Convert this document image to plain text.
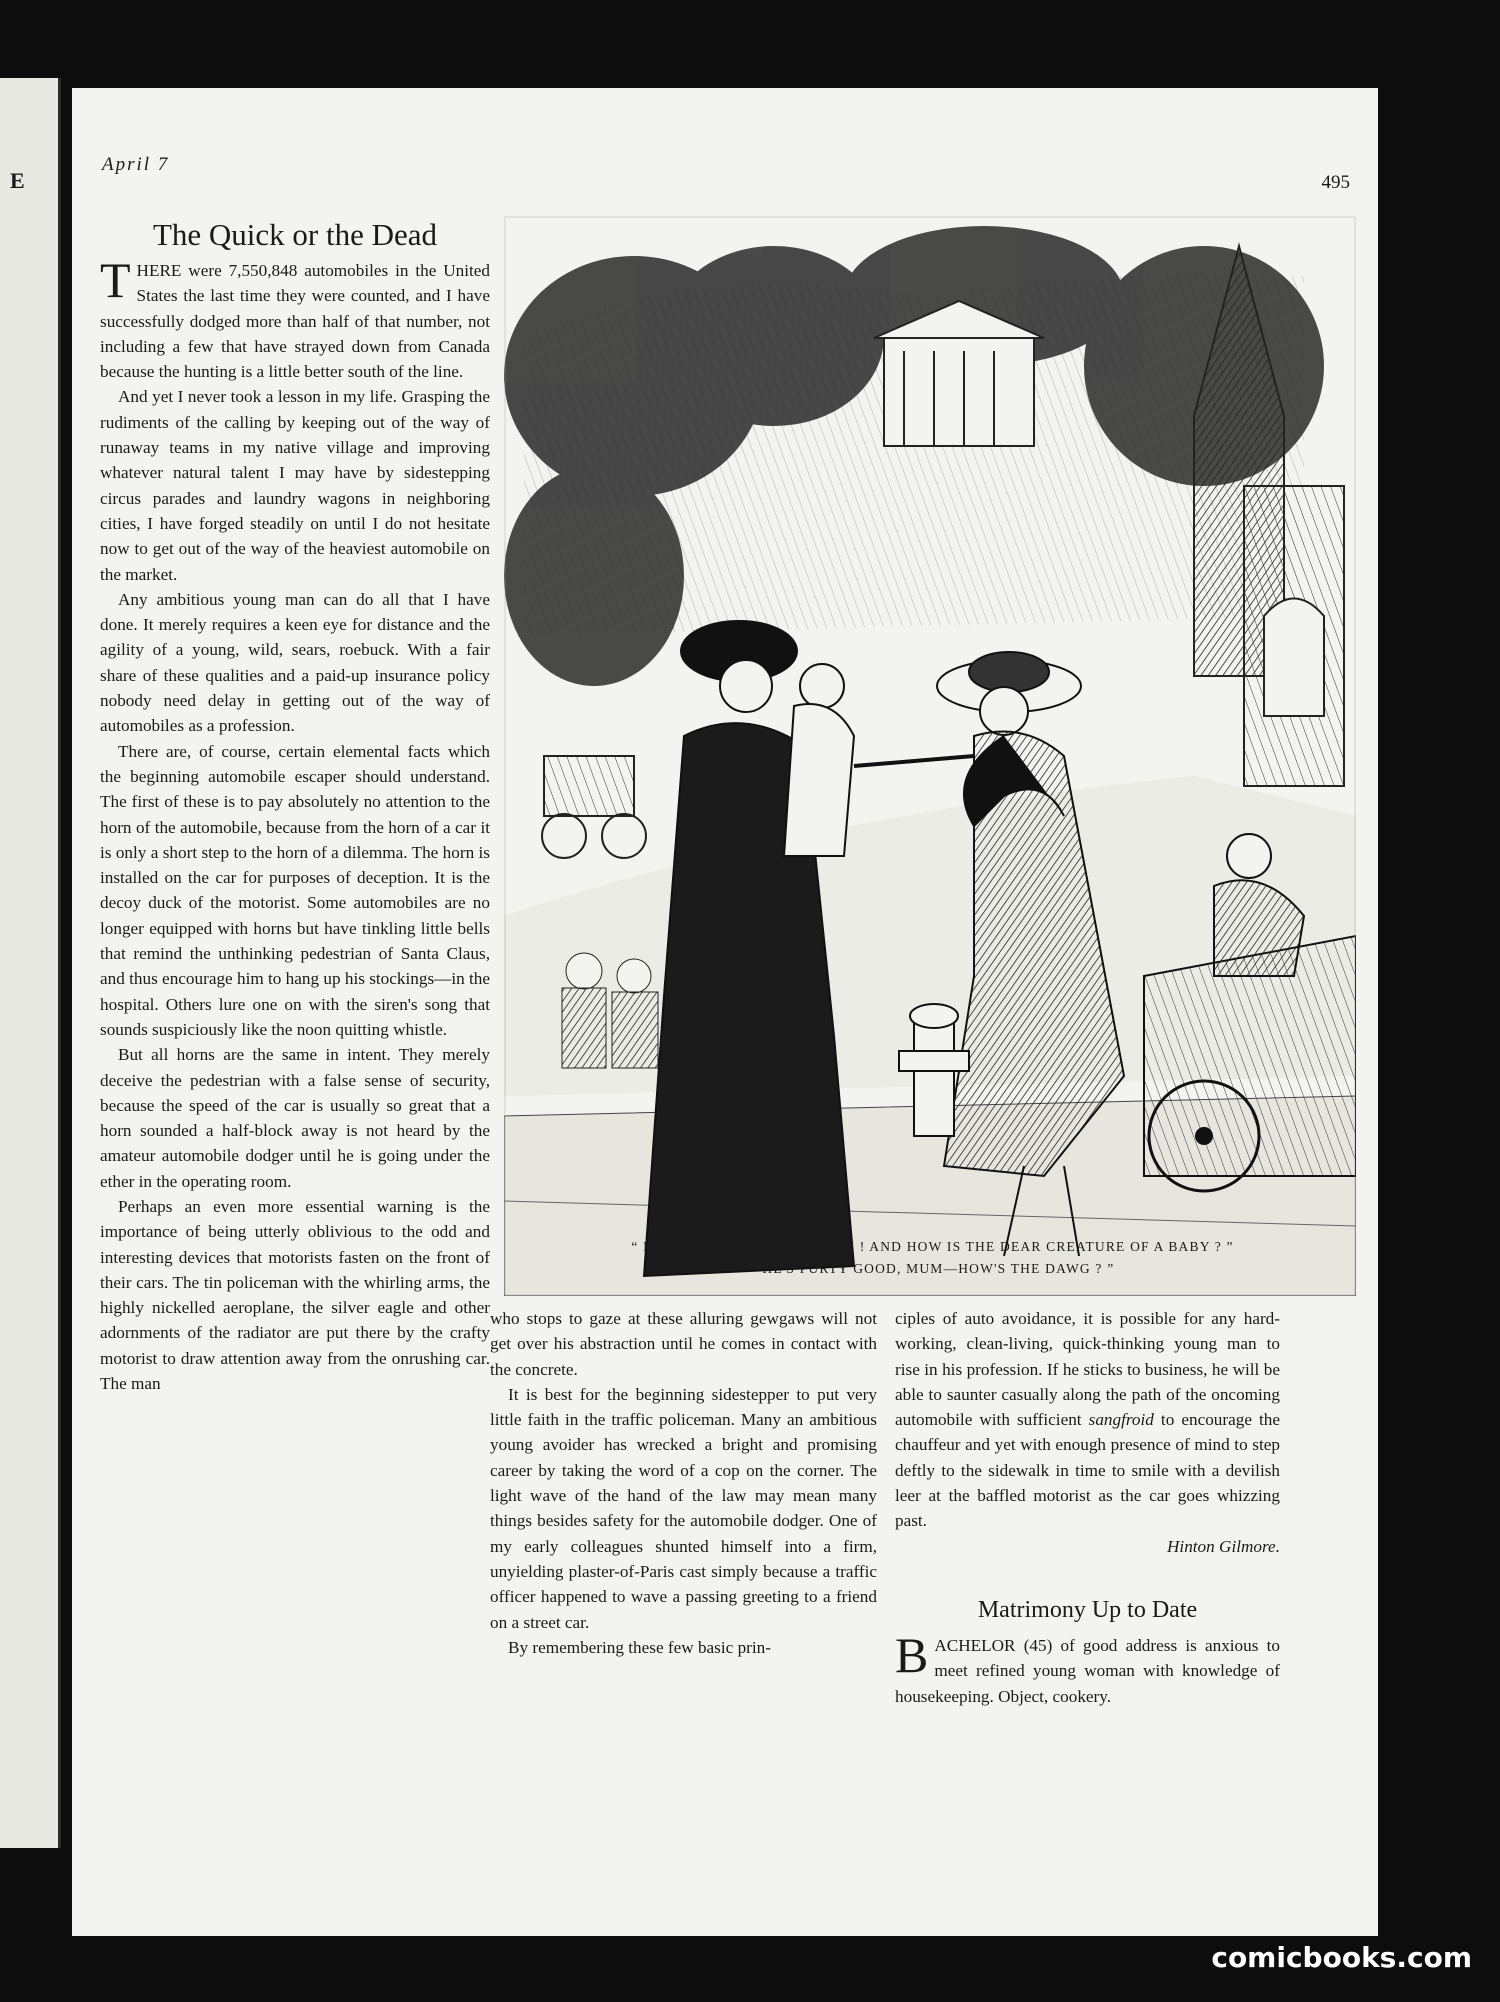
E
April 7
495
The Quick or the Dead

THERE were 7,550,848 automobiles in the United States the last time they were counted, and I have successfully dodged more than half of that number, not including a few that have strayed down from Canada because the hunting is a little better south of the line.

And yet I never took a lesson in my life. Grasping the rudiments of the calling by keeping out of the way of runaway teams in my native village and improving whatever natural talent I may have by sidestepping circus parades and laundry wagons in neighboring cities, I have forged steadily on until I do not hesitate now to get out of the way of the heaviest automobile on the market.

Any ambitious young man can do all that I have done. It merely requires a keen eye for distance and the agility of a young, wild, sears, roebuck. With a fair share of these qualities and a paid-up insurance policy nobody need delay in getting out of the way of automobiles as a profession.

There are, of course, certain elemental facts which the beginning automobile escaper should understand. The first of these is to pay absolutely no attention to the horn of the automobile, because from the horn of a car it is only a short step to the horn of a dilemma. The horn is installed on the car for purposes of deception. It is the decoy duck of the motorist. Some automobiles are no longer equipped with horns but have tinkling little bells that remind the unthinking pedestrian of Santa Claus, and thus encourage him to hang up his stockings—in the hospital. Others lure one on with the siren's song that sounds suspiciously like the noon quitting whistle.

But all horns are the same in intent. They merely deceive the pedestrian with a false sense of security, because the speed of the car is usually so great that a horn sounded a half-block away is not heard by the amateur automobile dodger until he is going under the ether in the operating room.

Perhaps an even more essential warning is the importance of being utterly oblivious to the odd and interesting devices that motorists fasten on the front of their cars. The tin policeman with the whirling arms, the highly nickelled aeroplane, the silver eagle and other adornments of the radiator are put there by the crafty motorist to draw attention away from the onrushing car. The man

“ HOW ARE YOU, MRS. DUGAN ! AND HOW IS THE DEAR CREATURE OF A BABY ? ”
“ HE'S PURTY GOOD, MUM—HOW'S THE DAWG ? ”

who stops to gaze at these alluring gewgaws will not get over his abstraction until he comes in contact with the concrete.

It is best for the beginning sidestepper to put very little faith in the traffic policeman. Many an ambitious young avoider has wrecked a bright and promising career by taking the word of a cop on the corner. The light wave of the hand of the law may mean many things besides safety for the automobile dodger. One of my early colleagues shunted himself into a firm, unyielding plaster-of-Paris cast simply because a traffic officer happened to wave a passing greeting to a friend on a street car.

By remembering these few basic prin-

ciples of auto avoidance, it is possible for any hard-working, clean-living, quick-thinking young man to rise in his profession. If he sticks to business, he will be able to saunter casually along the path of the oncoming automobile with sufficient sangfroid to encourage the chauffeur and yet with enough presence of mind to step deftly to the sidewalk in time to smile with a devilish leer at the baffled motorist as the car goes whizzing past.

Hinton Gilmore.

Matrimony Up to Date

BACHELOR (45) of good address is anxious to meet refined young woman with knowledge of housekeeping. Object, cookery.

comicbooks.com
